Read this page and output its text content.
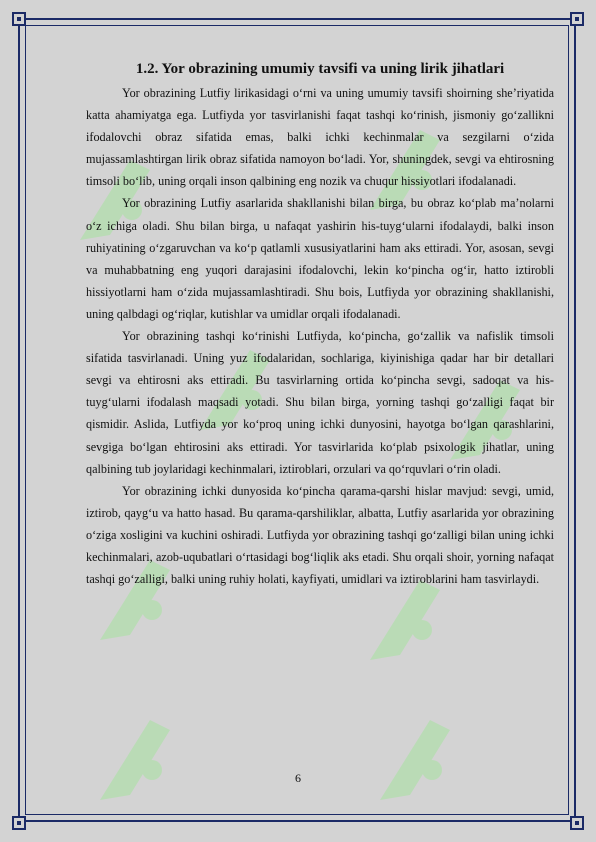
1.2. Yor obrazining umumiy tavsifi va uning lirik jihatlari

Yor obrazining Lutfiy lirikasidagi o‘rni va uning umumiy tavsifi shoirning she’riyatida katta ahamiyatga ega. Lutfiyda yor tasvirlanishi faqat tashqi ko‘rinish, jismoniy go‘zallikni ifodalovchi obraz sifatida emas, balki ichki kechinmalar va sezgilarni o‘zida mujassamlashtirgan lirik obraz sifatida namoyon bo‘ladi. Yor, shuningdek, sevgi va ehtirosning timsoli bo‘lib, uning orqali inson qalbining eng nozik va chuqur hissiyotlari ifodalanadi.

Yor obrazining Lutfiy asarlarida shakllanishi bilan birga, bu obraz ko‘plab ma’nolarni o‘z ichiga oladi. Shu bilan birga, u nafaqat yashirin his-tuyg‘ularni ifodalaydi, balki inson ruhiyatining o‘zgaruvchan va ko‘p qatlamli xususiyatlarini ham aks ettiradi. Yor, asosan, sevgi va muhabbatning eng yuqori darajasini ifodalovchi, lekin ko‘pincha og‘ir, hatto iztirobli hissiyotlarni ham o‘zida mujassamlashtiradi. Shu bois, Lutfiyda yor obrazining shakllanishi, uning qalbdagi og‘riqlar, kutishlar va umidlar orqali ifodalanadi.

Yor obrazining tashqi ko‘rinishi Lutfiyda, ko‘pincha, go‘zallik va nafislik timsoli sifatida tasvirlanadi. Uning yuz ifodalaridan, sochlariga, kiyinishiga qadar har bir detallari sevgi va ehtirosni aks ettiradi. Bu tasvirlarning ortida ko‘pincha sevgi, sadoqat va his-tuyg‘ularni ifodalash maqsadi yotadi. Shu bilan birga, yorning tashqi go‘zalligi faqat bir qismidir. Aslida, Lutfiyda yor ko‘proq uning ichki dunyosini, hayotga bo‘lgan qarashlarini, sevgiga bo‘lgan ehtirosini aks ettiradi. Yor tasvirlarida ko‘plab psixologik jihatlar, uning qalbining tub joylaridagi kechinmalari, iztiroblari, orzulari va qo‘rquvlari o‘rin oladi.

Yor obrazining ichki dunyosida ko‘pincha qarama-qarshi hislar mavjud: sevgi, umid, iztirob, qayg‘u va hatto hasad. Bu qarama-qarshiliklar, albatta, Lutfiy asarlarida yor obrazining o‘ziga xosligini va kuchini oshiradi. Lutfiyda yor obrazining tashqi go‘zalligi bilan uning ichki kechinmalari, azob-uqubatlari o‘rtasidagi bog‘liqlik aks etadi. Shu orqali shoir, yorning nafaqat tashqi go‘zalligi, balki uning ruhiy holati, kayfiyati, umidlari va iztiroblarini ham tasvirlaydi.

6
